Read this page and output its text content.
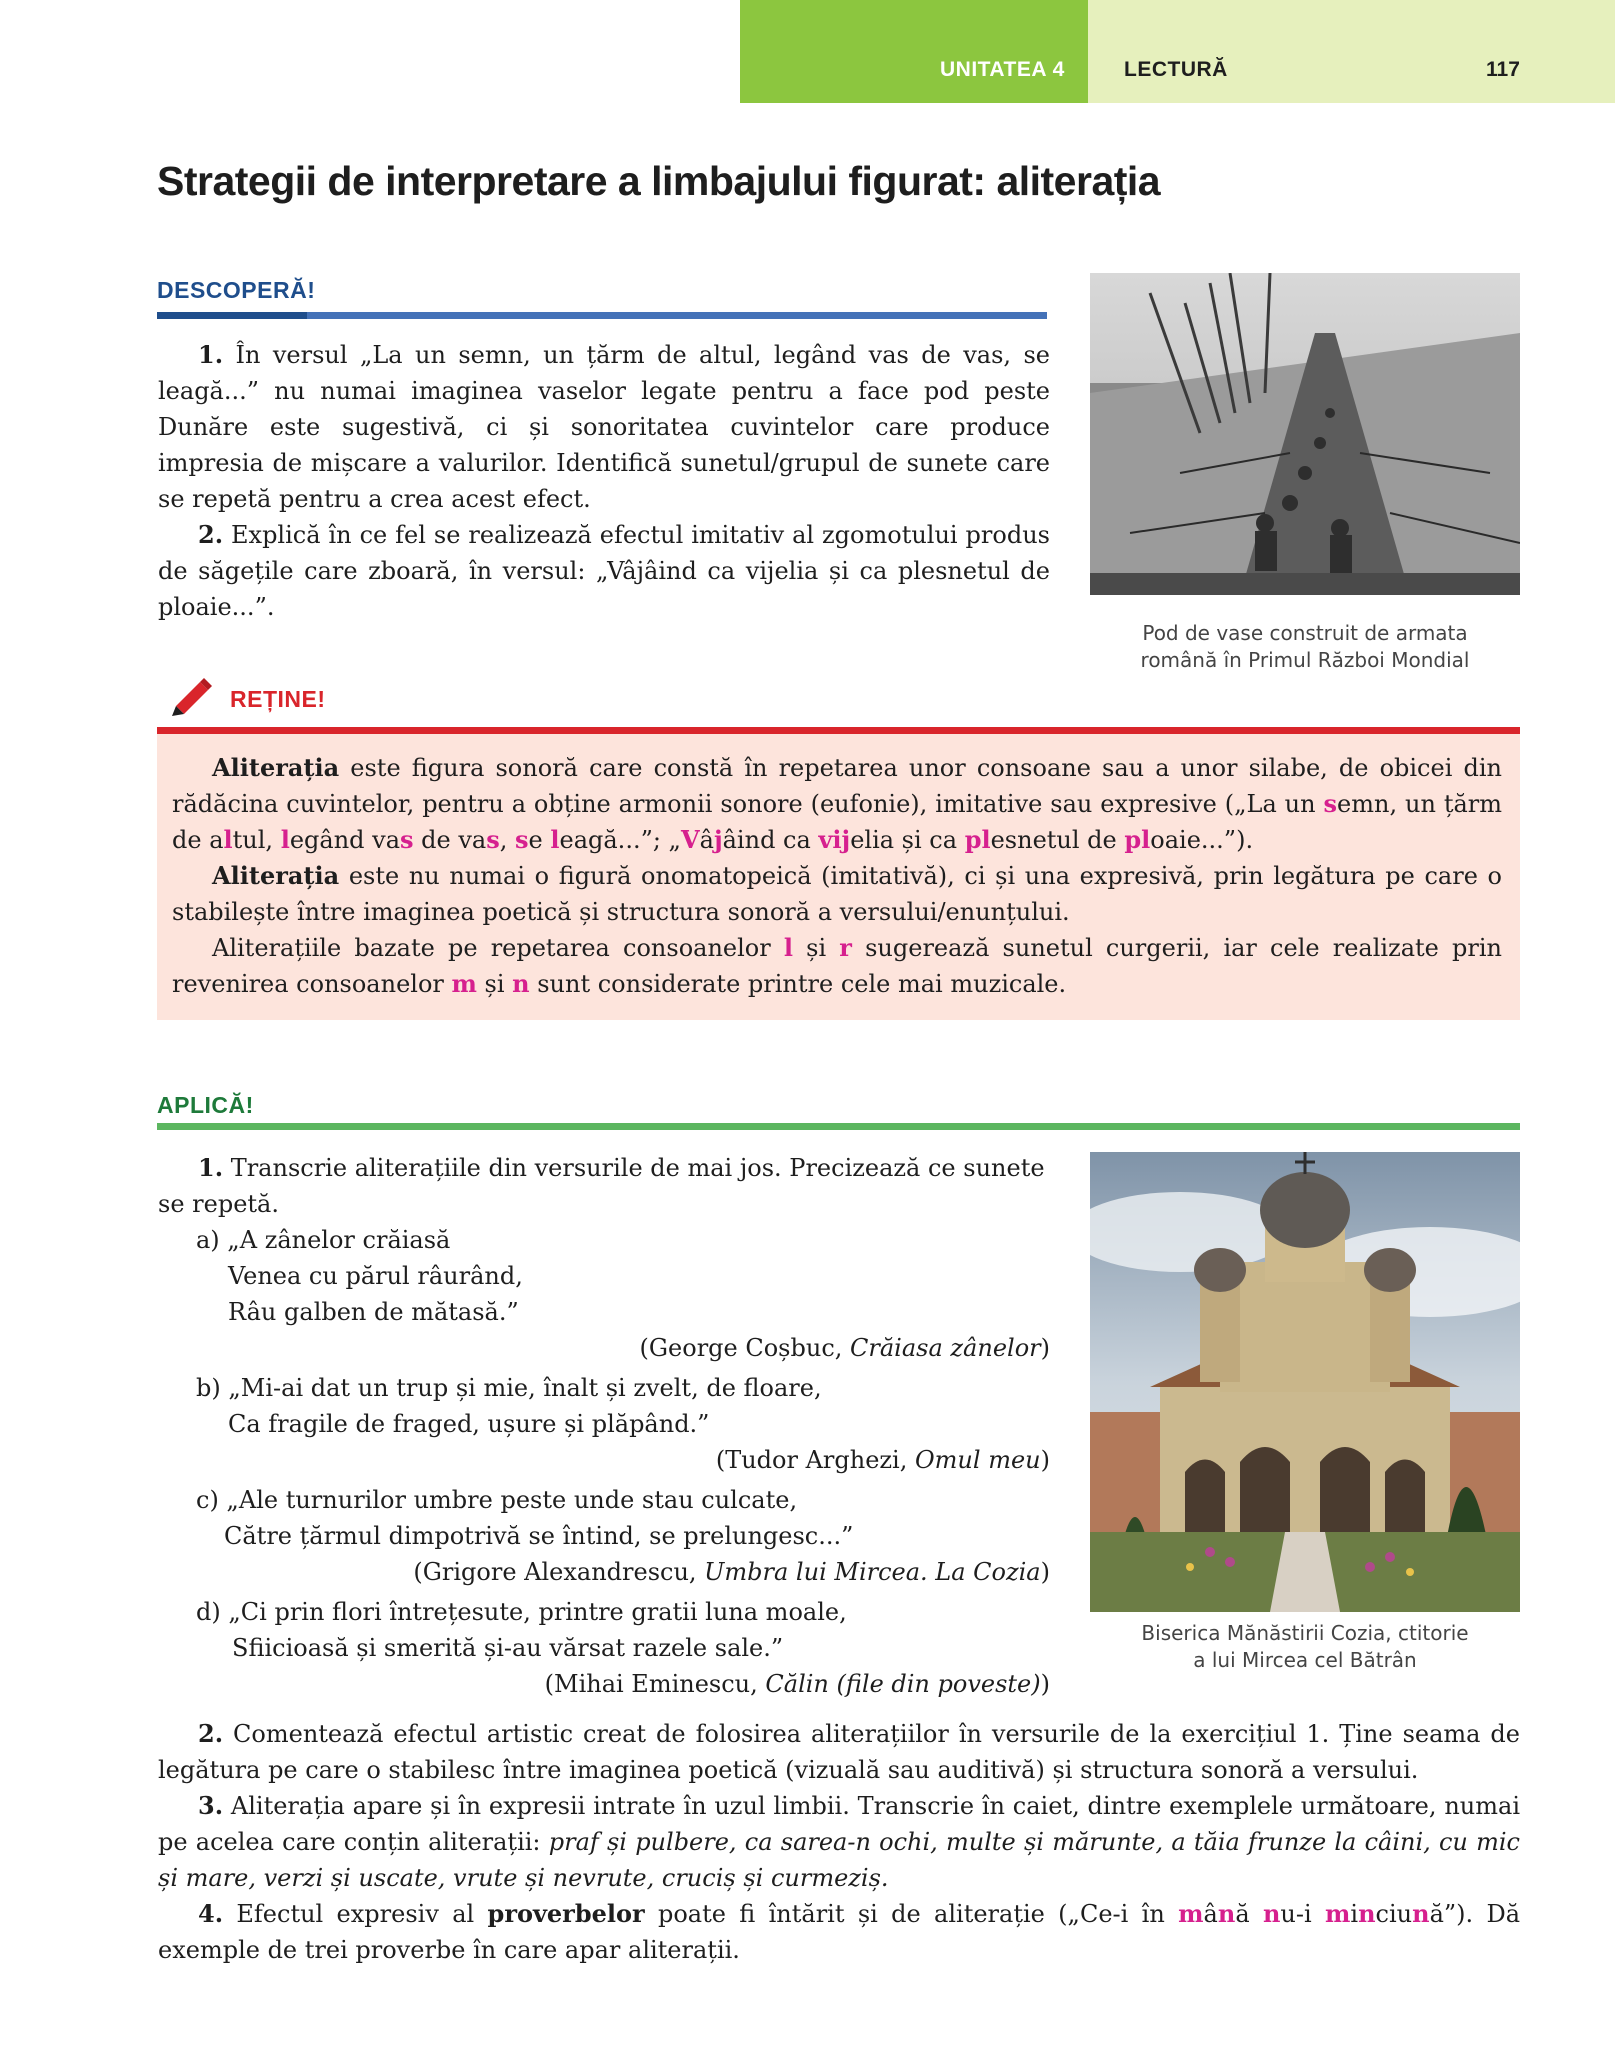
UNITATEA 4	LECTURĂ	117
Strategii de interpretare a limbajului figurat: aliterația
DESCOPERĂ!

1. În versul „La un semn, un țărm de altul, legând vas de vas, se leagă...” nu numai imaginea vaselor legate pentru a face pod peste Dunăre este sugestivă, ci și sonoritatea cuvintelor care produce impresia de mișcare a valurilor. Identifică sunetul/grupul de sunete care se repetă pentru a crea acest efect.

2. Explică în ce fel se realizează efectul imitativ al zgomotului produs de săgețile care zboară, în versul: „Vâjâind ca vijelia și ca plesnetul de ploaie...”.

Pod de vase construit de armata
română în Primul Război Mondial
REȚINE!

Aliterația este figura sonoră care constă în repetarea unor consoane sau a unor silabe, de obicei din rădăcina cuvintelor, pentru a obține armonii sonore (eufonie), imitative sau expresive („La un semn, un țărm de altul, legând vas de vas, se leagă...”; „Vâjâind ca vijelia și ca plesnetul de ploaie...”).

Aliterația este nu numai o figură onomatopeică (imitativă), ci și una expresivă, prin legătura pe care o stabilește între imaginea poetică și structura sonoră a versului/enunțului.

Aliterațiile bazate pe repetarea consoanelor l și r sugerează sunetul curgerii, iar cele realizate prin revenirea consoanelor m și n sunt considerate printre cele mai muzicale.

APLICĂ!

1. Transcrie aliterațiile din versurile de mai jos. Precizează ce sunete se repetă.

a) „A zânelor crăiasă

Venea cu părul râurând,

Râu galben de mătasă.”

(George Coșbuc, Crăiasa zânelor)

b) „Mi-ai dat un trup și mie, înalt și zvelt, de floare,

Ca fragile de fraged, ușure și plăpând.”

(Tudor Arghezi, Omul meu)

c) „Ale turnurilor umbre peste unde stau culcate,

Către țărmul dimpotrivă se întind, se prelungesc...”

(Grigore Alexandrescu, Umbra lui Mircea. La Cozia)

d) „Ci prin flori întrețesute, printre gratii luna moale,

Sfiicioasă și smerită și-au vărsat razele sale.”

(Mihai Eminescu, Călin (file din poveste))

Biserica Mănăstirii Cozia, ctitorie
a lui Mircea cel Bătrân

2. Comentează efectul artistic creat de folosirea aliterațiilor în versurile de la exercițiul 1. Ține seama de legătura pe care o stabilesc între imaginea poetică (vizuală sau auditivă) și structura sonoră a versului.

3. Aliterația apare și în expresii intrate în uzul limbii. Transcrie în caiet, dintre exemplele următoare, numai pe acelea care conțin aliterații: praf și pulbere, ca sarea-n ochi, multe și mărunte, a tăia frunze la câini, cu mic și mare, verzi și uscate, vrute și nevrute, cruciș și curmeziș.

4. Efectul expresiv al proverbelor poate fi întărit și de aliterație („Ce-i în mână nu-i minciună”). Dă exemple de trei proverbe în care apar aliterații.
